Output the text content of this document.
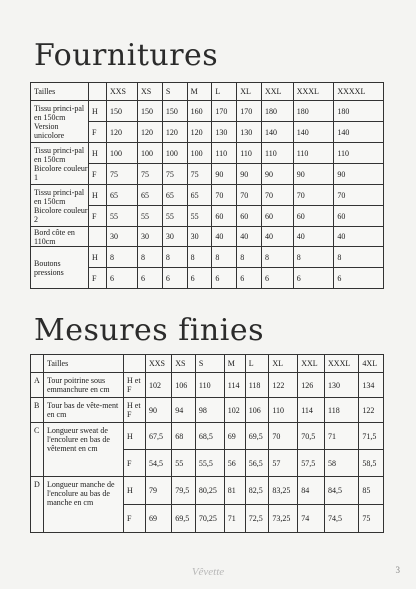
Fournitures
Tailles		XXS	XS	S	M	L	XL	XXL	XXXL	XXXXL
Tissu princi-pal en 150cm Version unicolore	H	150	150	150	160	170	170	180	180	180
	F	120	120	120	120	130	130	140	140	140
Tissu princi-pal en 150cm Bicolore couleur 1	H	100	100	100	100	110	110	110	110	110
	F	75	75	75	75	90	90	90	90	90
Tissu princi-pal en 150cm Bicolore couleur 2	H	65	65	65	65	70	70	70	70	70
	F	55	55	55	55	60	60	60	60	60
Bord côte en 110cm		30	30	30	30	40	40	40	40	40
Boutons pressions	H	8	8	8	8	8	8	8	8	8
	F	6	6	6	6	6	6	6	6	6
Mesures finies
	Tailles		XXS	XS	S	M	L	XL	XXL	XXXL	4XL
A	Tour poitrine sous emmanchure en cm	H et F	102	106	110	114	118	122	126	130	134
B	Tour bas de vête-ment en cm	H et F	90	94	98	102	106	110	114	118	122
C	Longueur sweat de l'encolure en bas de vêtement en cm	H	67,5	68	68,5	69	69,5	70	70,5	71	71,5
		F	54,5	55	55,5	56	56,5	57	57,5	58	58,5
D	Longueur manche de l'encolure au bas de manche en cm	H	79	79,5	80,25	81	82,5	83,25	84	84,5	85
		F	69	69,5	70,25	71	72,5	73,25	74	74,5	75
Vêvette	3
